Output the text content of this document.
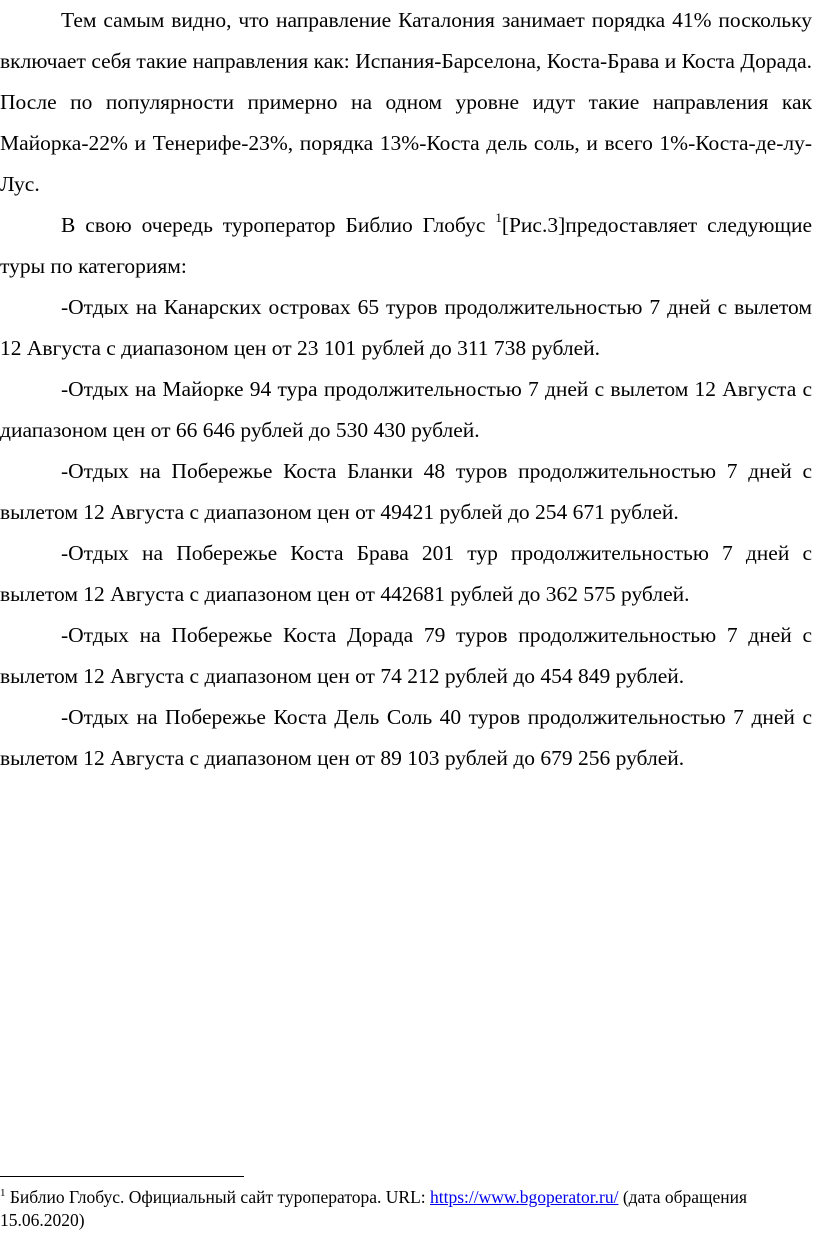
Тем самым видно, что направление Каталония занимает порядка 41% поскольку включает себя такие направления как: Испания-Барселона, Коста-Брава и Коста Дорада. После по популярности примерно на одном уровне идут такие направления как Майорка-22% и Тенерифе-23%, порядка 13%-Коста дель соль, и всего 1%-Коста-де-лу-Лус.

В свою очередь туроператор Библио Глобус $^1$[Рис.3]предоставляет следующие туры по категориям:

-Отдых на Канарских островах 65 туров продолжительностью 7 дней с вылетом 12 Августа с диапазоном цен от 23 101 рублей до 311 738 рублей.

-Отдых на Майорке 94 тура продолжительностью 7 дней с вылетом 12 Августа с диапазоном цен от 66 646 рублей до 530 430 рублей.

-Отдых на Побережье Коста Бланки 48 туров продолжительностью 7 дней с вылетом 12 Августа с диапазоном цен от 49421 рублей до 254 671 рублей.

-Отдых на Побережье Коста Брава 201 тур продолжительностью 7 дней с вылетом 12 Августа с диапазоном цен от 442681 рублей до 362 575 рублей.

-Отдых на Побережье Коста Дорада 79 туров продолжительностью 7 дней с вылетом 12 Августа с диапазоном цен от 74 212 рублей до 454 849 рублей.

-Отдых на Побережье Коста Дель Соль 40 туров продолжительностью 7 дней с вылетом 12 Августа с диапазоном цен от 89 103 рублей до 679 256 рублей.

$^1$ Библио Глобус. Официальный сайт туроператора. URL: https://www.bgoperator.ru/ (дата обращения 15.06.2020)
